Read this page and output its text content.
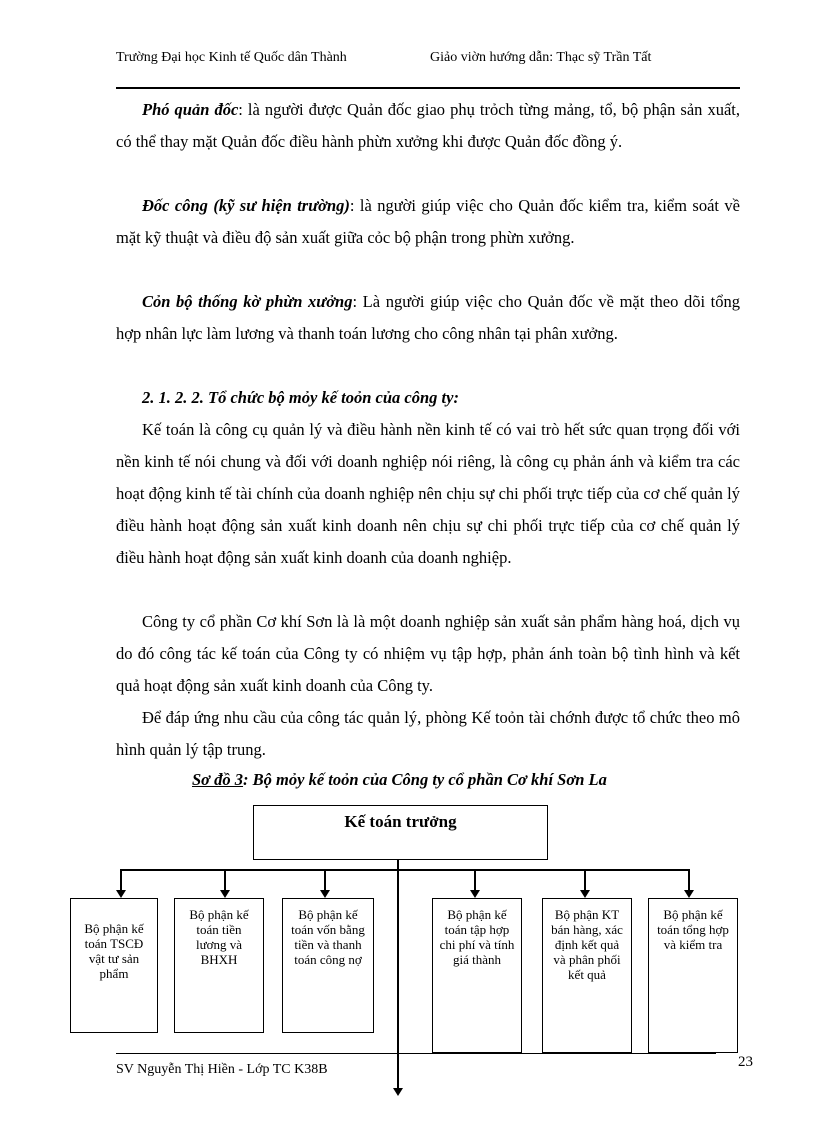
Trường Đại học Kinh tế Quốc dân Thành	Giảo viờn hướng dẫn: Thạc sỹ Trần Tất
Phó quản đốc: là người được Quản đốc giao phụ trỏch từng mảng, tổ, bộ phận sản xuất, có thể thay mặt Quản đốc điều hành phừn xưởng khi được Quản đốc đồng ý.
Đốc công (kỹ sư hiện trường): là người giúp việc cho Quản đốc kiểm tra, kiểm soát về mặt kỹ thuật và điều độ sản xuất giữa cỏc bộ phận trong phừn xưởng.
Cỏn bộ thống kờ phừn xưởng: Là người giúp việc cho Quản đốc về mặt theo dõi tổng hợp nhân lực làm lương và thanh toán lương cho công nhân tại phân xưởng.
2. 1. 2. 2. Tổ chức bộ mỏy kế toỏn của công ty:
Kế toán là công cụ quản lý và điều hành nền kinh tế có vai trò hết sức quan trọng đối với nền kinh tế nói chung và đối với doanh nghiệp nói riêng, là công cụ phản ánh và kiểm tra các hoạt động kinh tế tài chính của doanh nghiệp nên chịu sự chi phối trực tiếp của cơ chế quản lý điều hành hoạt động sản xuất kinh doanh nên chịu sự chi phối trực tiếp của cơ chế quản lý điều hành hoạt động sản xuất kinh doanh của doanh nghiệp.
Công ty cổ phần Cơ khí Sơn là là một doanh nghiệp sản xuất sản phẩm hàng hoá, dịch vụ do đó công tác kế toán của Công ty có nhiệm vụ tập hợp, phản ánh toàn bộ tình hình và kết quả hoạt động sản xuất kinh doanh của Công ty.
Để đáp ứng nhu cầu của công tác quản lý, phòng Kế toỏn tài chớnh được tổ chức theo mô hình quản lý tập trung.
Sơ đồ 3: Bộ mỏy kế toỏn của Công ty cổ phần Cơ khí Sơn La
Kế toán trưởng
Bộ phận kế toán TSCĐ vật tư sản phẩm
Bộ phận kế toán tiền lương và BHXH
Bộ phận kế toán vốn bằng tiền và thanh toán công nợ
Bộ phận kế toán tập hợp chi phí và tính giá thành
Bộ phận KT bán hàng, xác định kết quả và phân phối kết quả
Bộ phận kế toán tổng hợp và kiểm tra
SV Nguyễn Thị Hiền - Lớp TC K38B	23
